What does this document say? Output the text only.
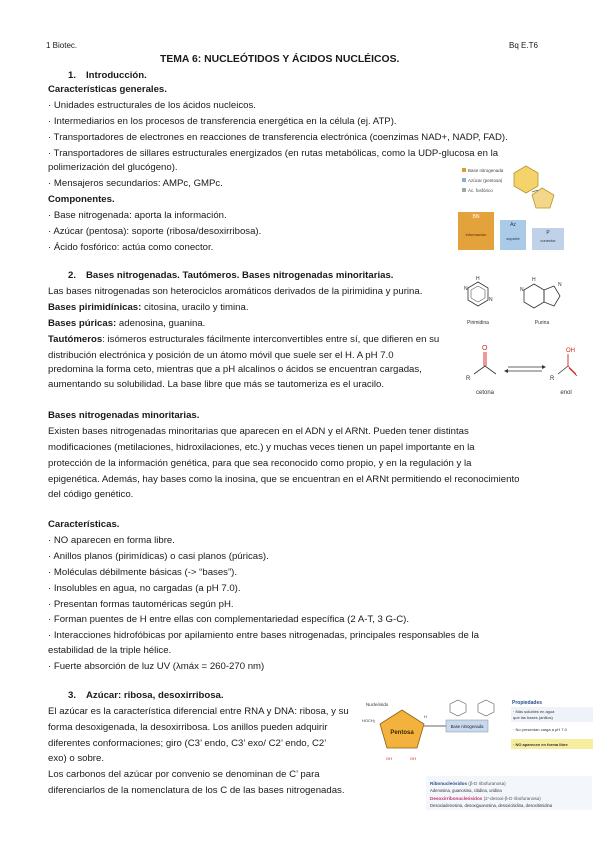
1 Biotec.	Bq E.T6
TEMA 6: NUCLEÓTIDOS Y ÁCIDOS NUCLÉICOS.
1. Introducción.
Características generales.
· Unidades estructurales de los ácidos nucleicos.
· Intermediarios en los procesos de transferencia energética en la célula (ej. ATP).
· Transportadores de electrones en reacciones de transferencia electrónica (coenzimas NAD+, NADP, FAD).
· Transportadores de sillares estructurales energizados (en rutas metabólicas, como la UDP-glucosa en la
polimerización del glucógeno).
· Mensajeros secundarios: AMPc, GMPc.
Componentes.
· Base nitrogenada: aporta la información.
· Azúcar (pentosa): soporte (ribosa/desoxirribosa).
· Ácido fosfórico: actúa como conector.
Base nitrogenada
Azúcar (pentosa)
Ác. fosfórico
BN
Az
P
información
soporte	conector
2. Bases nitrogenadas. Tautómeros. Bases nitrogenadas minoritarias.
Las bases nitrogenadas son heterociclos aromáticos derivados de la pirimidina y purina.
Bases pirimidínicas: citosina, uracilo y timina.
Bases púricas: adenosina, guanina.
Tautómeros: isómeros estructurales fácilmente interconvertibles entre sí, que difieren en su
distribución electrónica y posición de un átomo móvil que suele ser el H. A pH 7.0
predomina la forma ceto, mientras que a pH alcalinos o ácidos se encuentran cargadas,
aumentando su solubilidad. La base libre que más se tautomeriza es el uracilo.
H
N
N
Pirimidina
H
N
N
Purina
O
R
cetona
OH
R
enol
Bases nitrogenadas minoritarias.
Existen bases nitrogenadas minoritarias que aparecen en el ADN y el ARNt. Pueden tener distintas
modificaciones (metilaciones, hidroxilaciones, etc.) y muchas veces tienen un papel importante en la
protección de la información genética, para que sea reconocido como propio, y en la regulación y la
epigenética. Además, hay bases como la inosina, que se encuentran en el ARNt permitiendo el reconocimiento
del código genético.
Características.
· NO aparecen en forma libre.
· Anillos planos (pirimídicas) o casi planos (púricas).
· Moléculas débilmente básicas (-> “bases”).
· Insolubles en agua, no cargadas (a pH 7.0).
· Presentan formas tautoméricas según pH.
· Forman puentes de H entre ellas con complementariedad específica (2 A-T, 3 G-C).
· Interacciones hidrofóbicas por apilamiento entre bases nitrogenadas, principales responsables de la
estabilidad de la triple hélice.
· Fuerte absorción de luz UV (λmáx = 260-270 nm)
3. Azúcar: ribosa, desoxirribosa.
El azúcar es la característica diferencial entre RNA y DNA: ribosa, y su
forma desoxigenada, la desoxirribosa. Los anillos pueden adquirir
diferentes conformaciones; giro (C3’ endo, C3’ exo/ C2’ endo, C2’
exo) o sobre.
Los carbonos del azúcar por convenio se denominan de C’ para
diferenciarlos de la nomenclatura de los C de las bases nitrogenadas.
Nucleósido
Pentosa
HOCH₂
H
OH	OH
Base nitrogenada
Propiedades
· Más solubles en agua
que las bases (anillos)
· No presentan carga a pH 7.0
· NO aparecen en forma libre
Ribonucleósidos (β-D ribofuranosa)
Adenosina, guanosina, citidina, uridina
Desoxirribonucleósidos (2'-desoxi-β-D ribofuranosa)
Desoxiadenosina, desoxiguanosina, desoxicitidina, desoxitimidina
